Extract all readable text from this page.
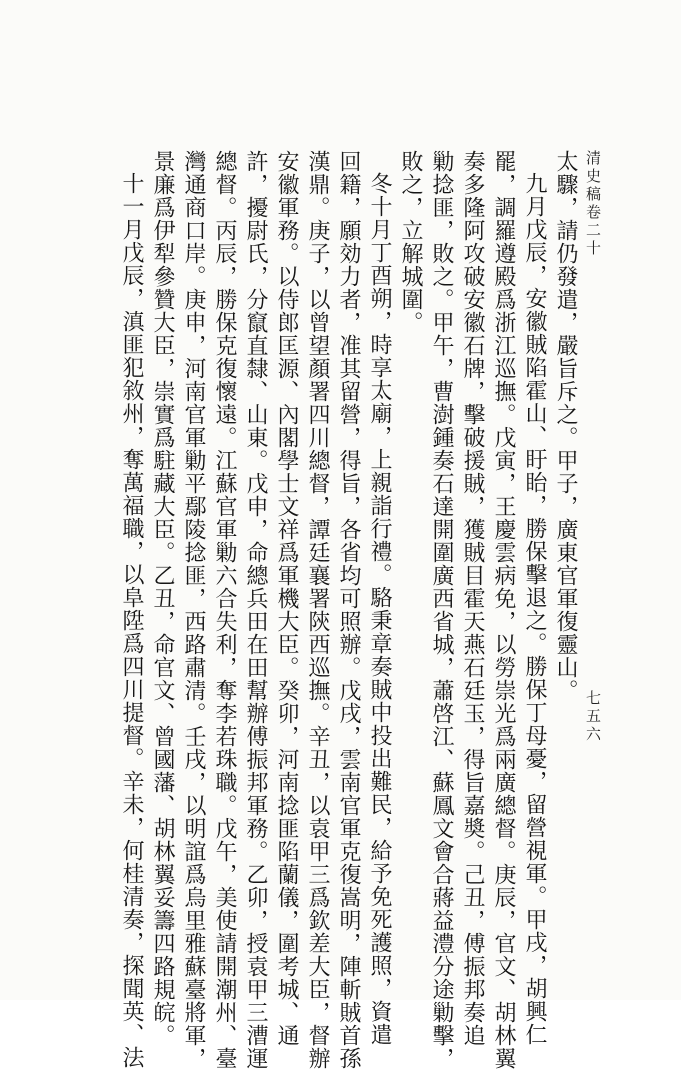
清史稿卷二十
七五六
太驟，請仍發遣，嚴旨斥之。甲子，廣東官軍復靈山。
九月戊辰，安徽賊陷霍山、盱眙，勝保擊退之。勝保丁母憂，留營視軍。甲戌，胡興仁
罷，調羅遵殿爲浙江巡撫。戊寅，王慶雲病免，以勞崇光爲兩廣總督。庚辰，官文、胡林翼
奏多隆阿攻破安徽石牌，擊破援賊，獲賊目霍天燕石廷玉，得旨嘉奬。己丑，傅振邦奏追
勦捻匪，敗之。甲午，曹澍鍾奏石達開圍廣西省城，蕭啓江、蘇鳳文會合蔣益澧分途勦擊，
敗之，立解城圍。
冬十月丁酉朔，時享太廟，上親詣行禮。駱秉章奏賊中投出難民，給予免死護照，資遣
回籍，願効力者，准其留營，得旨，各省均可照辦。戊戌，雲南官軍克復嵩明，陣斬賊首孫
漢鼎。庚子，以曾望顏署四川總督，譚廷襄署陝西巡撫。辛丑，以袁甲三爲欽差大臣，督辦
安徽軍務。以侍郎匡源、內閣學士文祥爲軍機大臣。癸卯，河南捻匪陷蘭儀，圍考城、通
許，擾尉氏，分竄直隸、山東。戊申，命總兵田在田幫辦傅振邦軍務。乙卯，授袁甲三漕運
總督。丙辰，勝保克復懷遠。江蘇官軍勦六合失利，奪李若珠職。戊午，美使請開潮州、臺
灣通商口岸。庚申，河南官軍勦平鄢陵捻匪，西路肅清。壬戌，以明誼爲烏里雅蘇臺將軍，
景廉爲伊犁參贊大臣，崇實爲駐藏大臣。乙丑，命官文、曾國藩、胡林翼妥籌四路規皖。
十一月戊辰，滇匪犯敘州，奪萬福職，以阜陞爲四川提督。辛未，何桂清奏，探聞英、法
